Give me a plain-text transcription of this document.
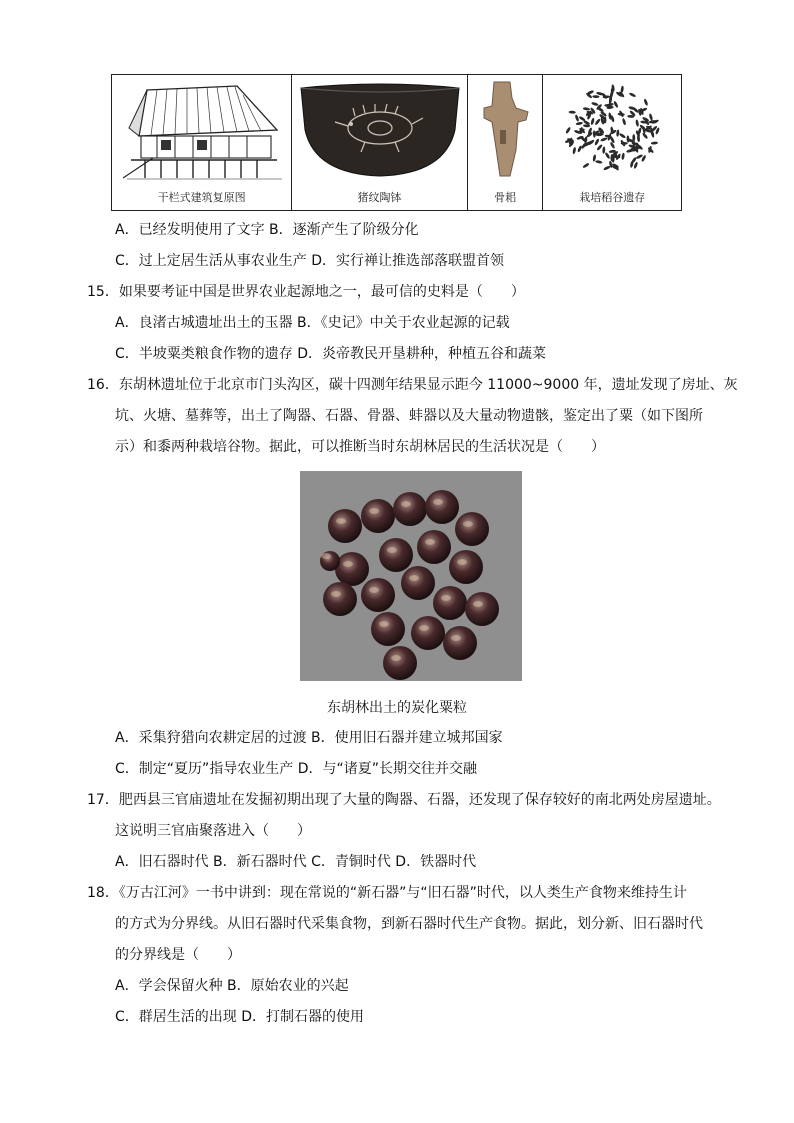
干栏式建筑复原图	猪纹陶钵	骨耜	栽培稻谷遗存
A．已经发明使用了文字 B．逐渐产生了阶级分化
C．过上定居生活从事农业生产 D．实行禅让推选部落联盟首领
15．如果要考证中国是世界农业起源地之一，最可信的史料是（　　）
A．良渚古城遗址出土的玉器 B．《史记》中关于农业起源的记载
C．半坡粟类粮食作物的遗存 D．炎帝教民开垦耕种，种植五谷和蔬菜
16．东胡林遗址位于北京市门头沟区，碳十四测年结果显示距今 11000~9000 年，遗址发现了房址、灰
坑、火塘、墓葬等，出土了陶器、石器、骨器、蚌器以及大量动物遗骸，鉴定出了粟（如下图所
示）和黍两种栽培谷物。据此，可以推断当时东胡林居民的生活状况是（　　）
东胡林出土的炭化粟粒
A．采集狩猎向农耕定居的过渡 B．使用旧石器并建立城邦国家
C．制定“夏历”指导农业生产 D．与“诸夏”长期交往并交融
17．肥西县三官庙遗址在发掘初期出现了大量的陶器、石器，还发现了保存较好的南北两处房屋遗址。
这说明三官庙聚落进入（　　）
A．旧石器时代 B．新石器时代 C．青铜时代 D．铁器时代
18．《万古江河》一书中讲到：现在常说的“新石器”与“旧石器”时代，以人类生产食物来维持生计
的方式为分界线。从旧石器时代采集食物，到新石器时代生产食物。据此，划分新、旧石器时代
的分界线是（　　）
A．学会保留火种 B．原始农业的兴起
C．群居生活的出现 D．打制石器的使用
